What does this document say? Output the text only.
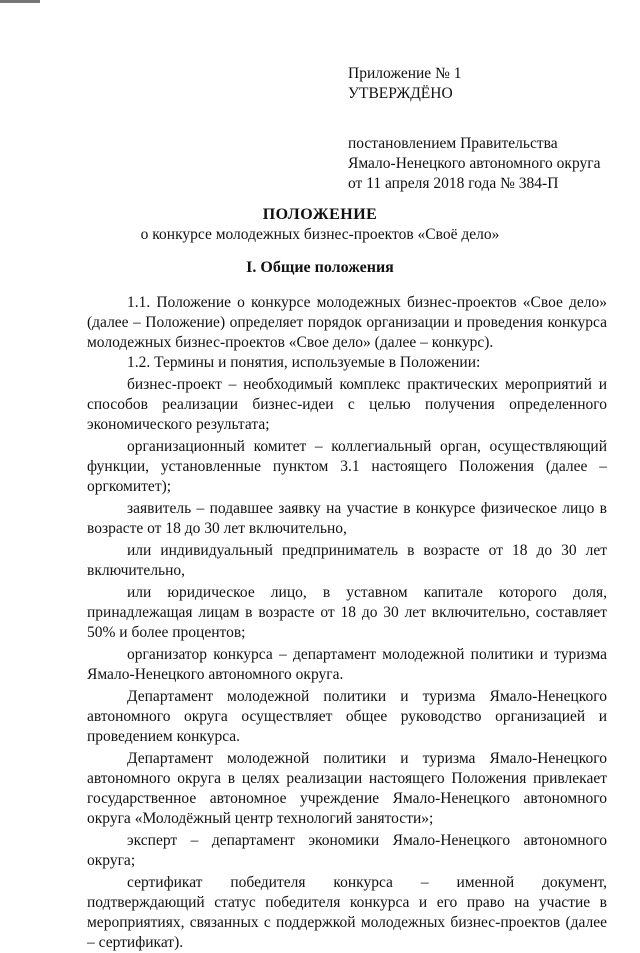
Приложение № 1
УТВЕРЖДЁНО
постановлением Правительства
Ямало-Ненецкого автономного округа
от 11 апреля 2018 года № 384-П
ПОЛОЖЕНИЕ
о конкурсе молодежных бизнес-проектов «Своё дело»
I. Общие положения

1.1. Положение о конкурсе молодежных бизнес-проектов «Свое дело» (далее – Положение) определяет порядок организации и проведения конкурса молодежных бизнес-проектов «Свое дело» (далее – конкурс).

1.2. Термины и понятия, используемые в Положении:

бизнес-проект – необходимый комплекс практических мероприятий и способов реализации бизнес-идеи с целью получения определенного экономического результата;

организационный комитет – коллегиальный орган, осуществляющий функции, установленные пунктом 3.1 настоящего Положения (далее – оргкомитет);

заявитель – подавшее заявку на участие в конкурсе физическое лицо в возрасте от 18 до 30 лет включительно,

или индивидуальный предприниматель в возрасте от 18 до 30 лет включительно,

или юридическое лицо, в уставном капитале которого доля, принадлежащая лицам в возрасте от 18 до 30 лет включительно, составляет 50% и более процентов;

организатор конкурса – департамент молодежной политики и туризма Ямало-Ненецкого автономного округа.

Департамент молодежной политики и туризма Ямало-Ненецкого автономного округа осуществляет общее руководство организацией и проведением конкурса.

Департамент молодежной политики и туризма Ямало-Ненецкого автономного округа в целях реализации настоящего Положения привлекает государственное автономное учреждение Ямало-Ненецкого автономного округа «Молодёжный центр технологий занятости»;

эксперт – департамент экономики Ямало-Ненецкого автономного округа;

сертификат победителя конкурса – именной документ, подтверждающий статус победителя конкурса и его право на участие в мероприятиях, связанных с поддержкой молодежных бизнес-проектов (далее – сертификат).
